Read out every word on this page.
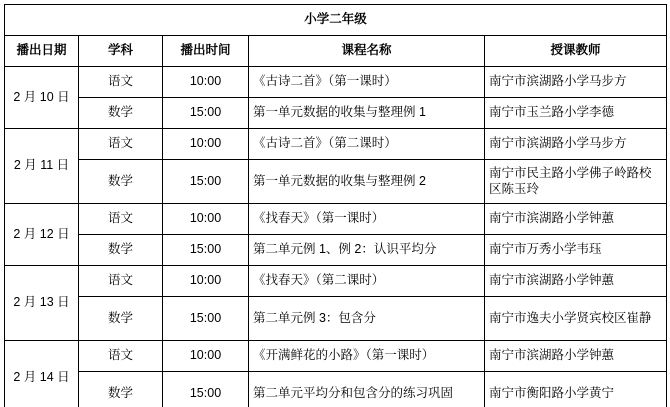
小学二年级				
播出日期	学科	播出时间	课程名称	授课教师
2 月 10 日	语文	10:00	《古诗二首》（第一课时）	南宁市滨湖路小学马步方
	数学	15:00	第一单元数据的收集与整理例 1	南宁市玉兰路小学李德
2 月 11 日	语文	10:00	《古诗二首》（第二课时）	南宁市滨湖路小学马步方
	数学	15:00	第一单元数据的收集与整理例 2	南宁市民主路小学佛子岭路校区陈玉玲
2 月 12 日	语文	10:00	《找春天》（第一课时）	南宁市滨湖路小学钟蕙
	数学	15:00	第二单元例 1、例 2：认识平均分	南宁市万秀小学韦珏
2 月 13 日	语文	10:00	《找春天》（第二课时）	南宁市滨湖路小学钟蕙
	数学	15:00	第二单元例 3：包含分	南宁市逸夫小学贤宾校区崔静
2 月 14 日	语文	10:00	《开满鲜花的小路》（第一课时）	南宁市滨湖路小学钟蕙
	数学	15:00	第二单元平均分和包含分的练习巩固	南宁市衡阳路小学黄宁
